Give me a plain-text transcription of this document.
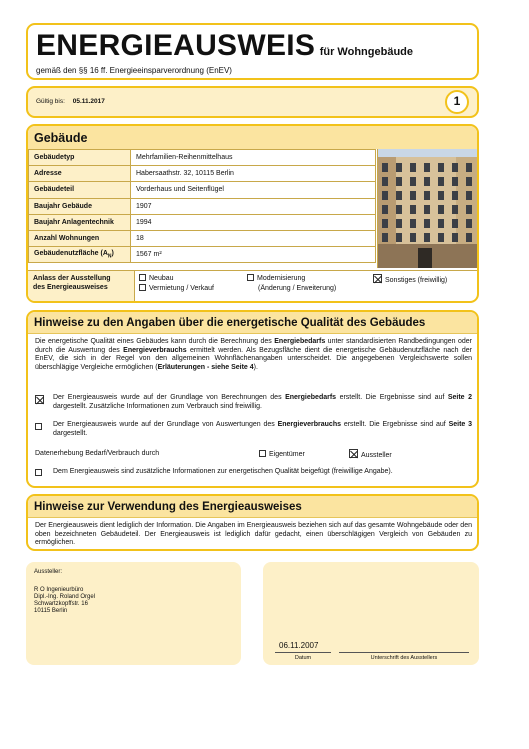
ENERGIEAUSWEIS für Wohngebäude
gemäß den §§ 16 ff. Energieeinsparverordnung (EnEV)
Gültig bis: 05.11.2017	1
Gebäude
Gebäudetyp	Mehrfamilien-Reihenmittelhaus
Adresse	Habersaathstr. 32, 10115 Berlin
Gebäudeteil	Vorderhaus und Seitenflügel
Baujahr Gebäude	1907
Baujahr Anlagentechnik	1994
Anzahl Wohnungen	18
Gebäudenutzfläche $(A_N)$	1567 m²
Anlass der Ausstellung
des Energieausweises
Neubau
Vermietung / Verkauf
Modernisierung
(Änderung / Erweiterung)
Sonstiges (freiwillig)
Hinweise zu den Angaben über die energetische Qualität des Gebäudes
Die energetische Qualität eines Gebäudes kann durch die Berechnung des Energiebedarfs unter standardisierten Randbedingungen oder durch die Auswertung des Energieverbrauchs ermittelt werden. Als Bezugsfläche dient die energetische Gebäudenutzfläche nach der EnEV, die sich in der Regel von den allgemeinen Wohnflächenangaben unterscheidet. Die angegebenen Vergleichswerte sollen überschlägige Vergleiche ermöglichen (Erläuterungen - siehe Seite 4).
Der Energieausweis wurde auf der Grundlage von Berechnungen des Energiebedarfs erstellt. Die Ergebnisse sind auf Seite 2 dargestellt. Zusätzliche Informationen zum Verbrauch sind freiwillig.
Der Energieausweis wurde auf der Grundlage von Auswertungen des Energieverbrauchs erstellt. Die Ergebnisse sind auf Seite 3 dargestellt.
Datenerhebung Bedarf/Verbrauch durch	Eigentümer	Aussteller
Dem Energieausweis sind zusätzliche Informationen zur energetischen Qualität beigefügt (freiwillige Angabe).
Hinweise zur Verwendung des Energieausweises
Der Energieausweis dient lediglich der Information. Die Angaben im Energieausweis beziehen sich auf das gesamte Wohngebäude oder den oben bezeichneten Gebäudeteil. Der Energieausweis ist lediglich dafür gedacht, einen überschlägigen Vergleich von Gebäuden zu ermöglichen.
Aussteller:
R O Ingenieurbüro
Dipl.-Ing. Roland Orgel
Schwartzkopffstr. 16
10115 Berlin
06.11.2007
Datum	Unterschrift des Ausstellers
